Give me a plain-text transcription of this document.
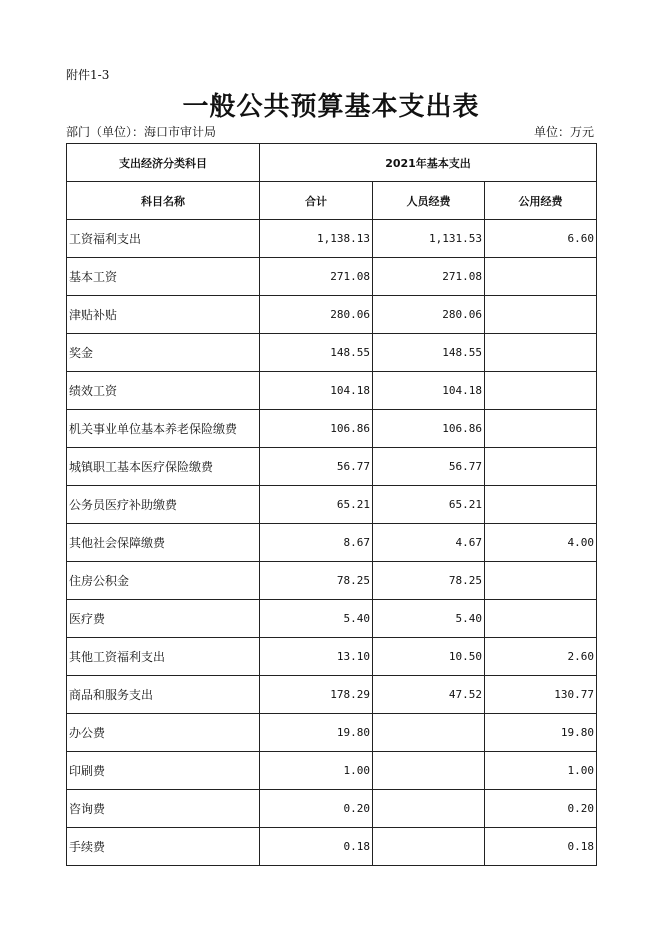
附件1-3
一般公共预算基本支出表
部门（单位）：海口市审计局	单位：万元
支出经济分类科目	2021年基本支出		
科目名称	合计	人员经费	公用经费
工资福利支出	1,138.13	1,131.53	6.60
基本工资	271.08	271.08	
津贴补贴	280.06	280.06	
奖金	148.55	148.55	
绩效工资	104.18	104.18	
机关事业单位基本养老保险缴费	106.86	106.86	
城镇职工基本医疗保险缴费	56.77	56.77	
公务员医疗补助缴费	65.21	65.21	
其他社会保障缴费	8.67	4.67	4.00
住房公积金	78.25	78.25	
医疗费	5.40	5.40	
其他工资福利支出	13.10	10.50	2.60
商品和服务支出	178.29	47.52	130.77
办公费	19.80		19.80
印刷费	1.00		1.00
咨询费	0.20		0.20
手续费	0.18		0.18
